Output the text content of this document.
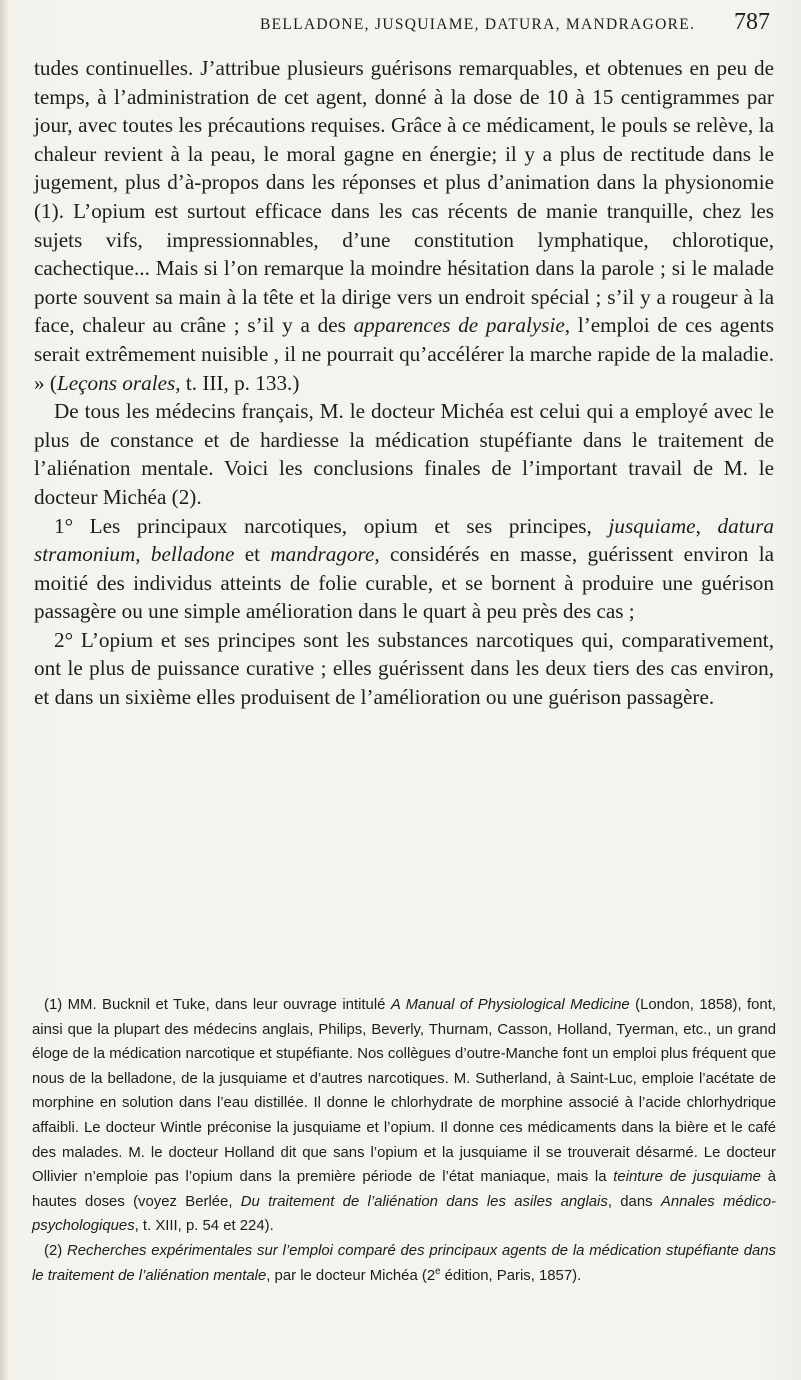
BELLADONE, JUSQUIAME, DATURA, MANDRAGORE.	787

tudes continuelles. J’attribue plusieurs guérisons remarquables, et obtenues en peu de temps, à l’administration de cet agent, donné à la dose de 10 à 15 centigrammes par jour, avec toutes les précautions requises. Grâce à ce médicament, le pouls se relève, la chaleur revient à la peau, le moral gagne en énergie; il y a plus de rectitude dans le jugement, plus d’à-propos dans les réponses et plus d’animation dans la physionomie (1). L’opium est surtout efficace dans les cas récents de manie tranquille, chez les sujets vifs, impressionnables, d’une constitution lymphatique, chlorotique, cachectique... Mais si l’on remarque la moindre hésitation dans la parole ; si le malade porte souvent sa main à la tête et la dirige vers un endroit spécial ; s’il y a rougeur à la face, chaleur au crâne ; s’il y a des apparences de paralysie, l’emploi de ces agents serait extrêmement nuisible , il ne pourrait qu’accélérer la marche rapide de la maladie. » (Leçons orales, t. III, p. 133.)

De tous les médecins français, M. le docteur Michéa est celui qui a employé avec le plus de constance et de hardiesse la médication stupéfiante dans le traitement de l’aliénation mentale. Voici les conclusions finales de l’important travail de M. le docteur Michéa (2).

1° Les principaux narcotiques, opium et ses principes, jusquiame, datura stramonium, belladone et mandragore, considérés en masse, guérissent environ la moitié des individus atteints de folie curable, et se bornent à produire une guérison passagère ou une simple amélioration dans le quart à peu près des cas ;

2° L’opium et ses principes sont les substances narcotiques qui, comparativement, ont le plus de puissance curative ; elles guérissent dans les deux tiers des cas environ, et dans un sixième elles produisent de l’amélioration ou une guérison passagère.

(1) MM. Bucknil et Tuke, dans leur ouvrage intitulé A Manual of Physiological Medicine (London, 1858), font, ainsi que la plupart des médecins anglais, Philips, Beverly, Thurnam, Casson, Holland, Tyerman, etc., un grand éloge de la médication narcotique et stupéfiante. Nos collègues d’outre-Manche font un emploi plus fréquent que nous de la belladone, de la jusquiame et d’autres narcotiques. M. Sutherland, à Saint-Luc, emploie l’acétate de morphine en solution dans l’eau distillée. Il donne le chlorhydrate de morphine associé à l’acide chlorhydrique affaibli. Le docteur Wintle préconise la jusquiame et l’opium. Il donne ces médicaments dans la bière et le café des malades. M. le docteur Holland dit que sans l’opium et la jusquiame il se trouverait désarmé. Le docteur Ollivier n’emploie pas l’opium dans la première période de l’état maniaque, mais la teinture de jusquiame à hautes doses (voyez Berlée, Du traitement de l’aliénation dans les asiles anglais, dans Annales médico-psychologiques, t. XIII, p. 54 et 224).

(2) Recherches expérimentales sur l’emploi comparé des principaux agents de la médication stupéfiante dans le traitement de l’aliénation mentale, par le docteur Michéa (2e édition, Paris, 1857).
